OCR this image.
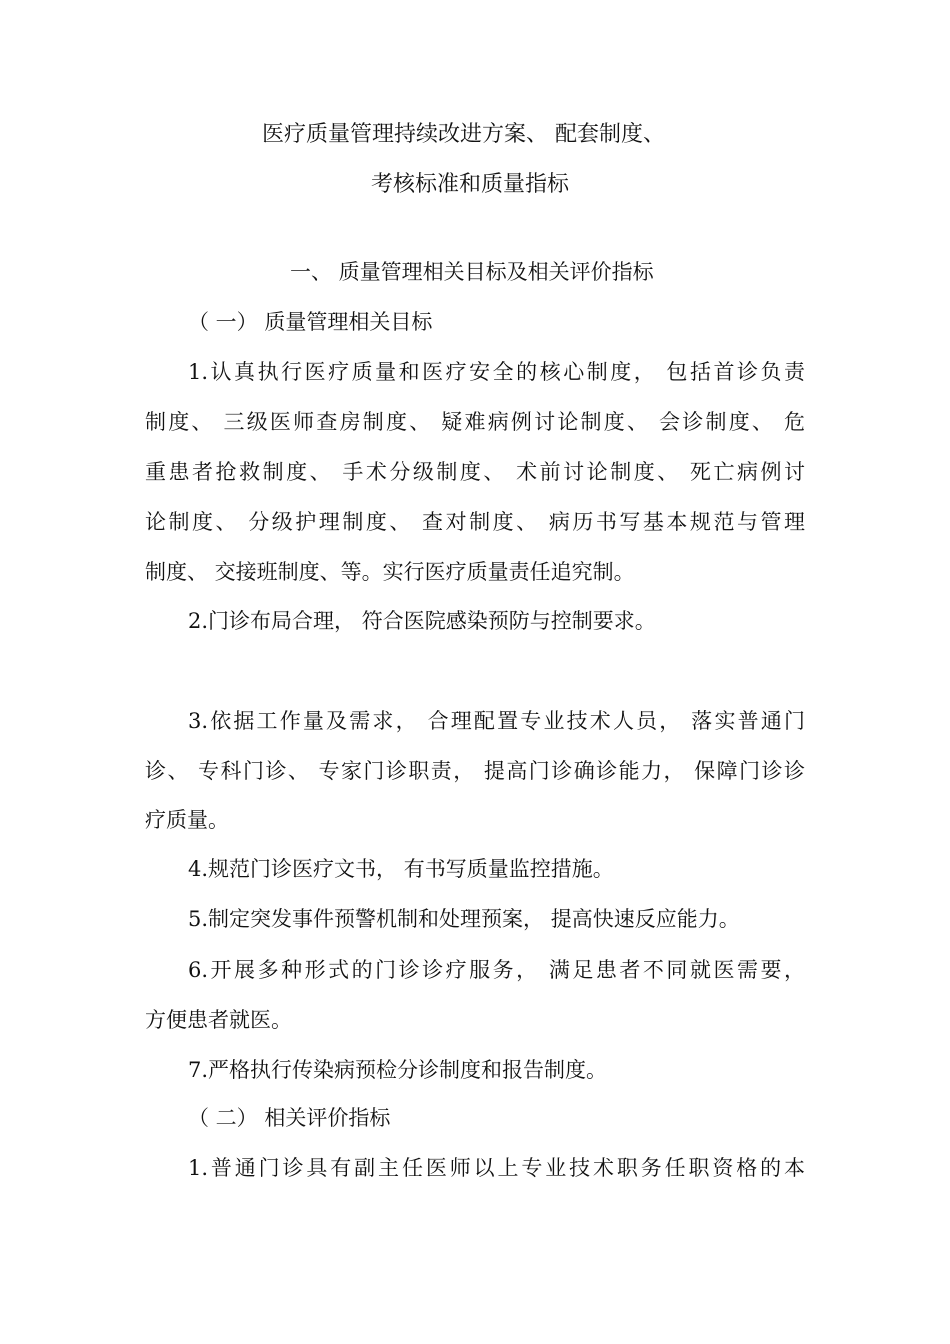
医疗质量管理持续改进方案、 配套制度、

考核标准和质量指标

一、 质量管理相关目标及相关评价指标

（ 一） 质量管理相关目标

1.认真执行医疗质量和医疗安全的核心制度， 包括首诊负责

制度、 三级医师查房制度、 疑难病例讨论制度、 会诊制度、 危

重患者抢救制度、 手术分级制度、 术前讨论制度、 死亡病例讨

论制度、 分级护理制度、 查对制度、 病历书写基本规范与管理

制度、 交接班制度、等。实行医疗质量责任追究制。

2.门诊布局合理， 符合医院感染预防与控制要求。

3.依据工作量及需求， 合理配置专业技术人员， 落实普通门

诊、 专科门诊、 专家门诊职责， 提高门诊确诊能力， 保障门诊诊

疗质量。

4.规范门诊医疗文书， 有书写质量监控措施。

5.制定突发事件预警机制和处理预案， 提高快速反应能力。

6.开展多种形式的门诊诊疗服务， 满足患者不同就医需要，

方便患者就医。

7.严格执行传染病预检分诊制度和报告制度。

（ 二） 相关评价指标

1.普通门诊具有副主任医师以上专业技术职务任职资格的本
